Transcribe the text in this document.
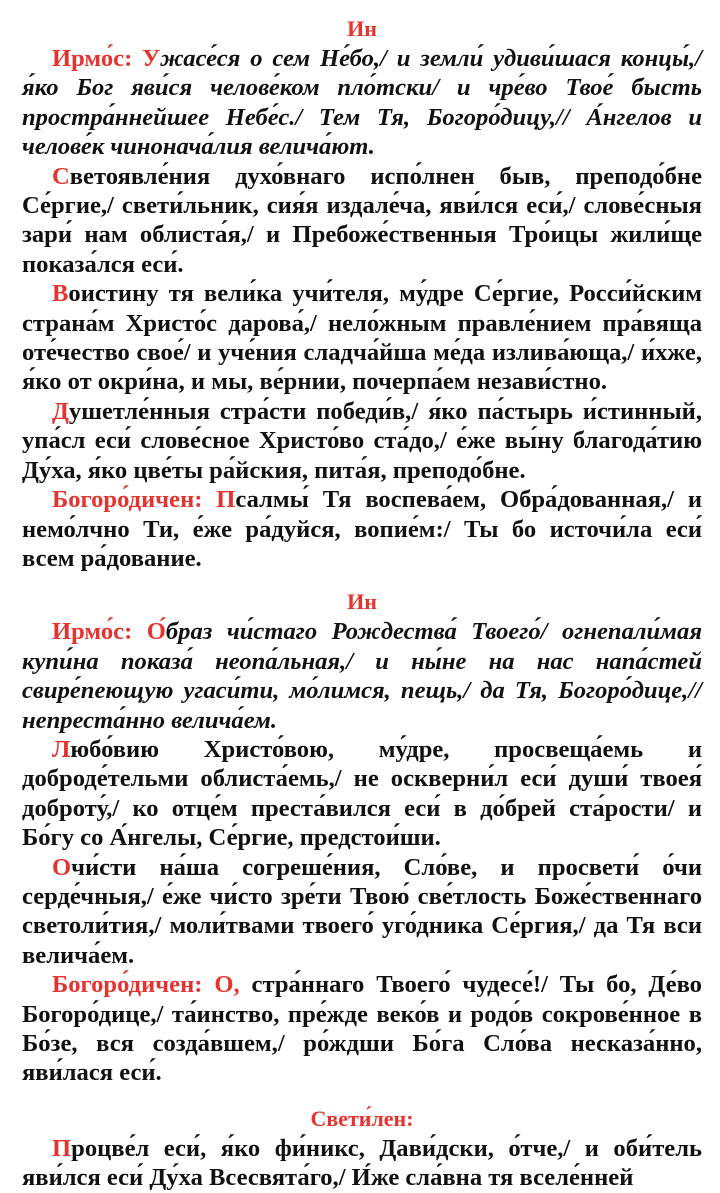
Ин

Ирмо́с: Ужасе́ся о сем Не́бо,/ и земли́ удиви́шася концы́,/ я́ко Бог яви́ся челове́ком пло́тски/ и чре́во Твое́ бысть простра́ннейшее Небе́с./ Тем Тя, Богоро́дицу,// А́нгелов и челове́к чинонача́лия велича́ют.

Светоявле́ния духо́внаго испо́лнен быв, преподо́бне Се́ргие,/ свети́льник, сия́я издале́ча, яви́лся еси́,/ слове́сныя зари́ нам облиста́я,/ и Пребоже́ственныя Тро́ицы жили́ще показа́лся еси́.

Воистину тя вели́ка учи́теля, му́дре Се́ргие, Росси́йским страна́м Христо́с дарова́,/ нело́жным правле́нием пра́вяща оте́чество свое́/ и уче́ния сладча́йша ме́да излива́юща,/ и́хже, я́ко от окри́на, и мы, ве́рнии, почерпа́ем незави́стно.

Душетле́нныя стра́сти победи́в,/ я́ко па́стырь и́стинный, упа́сл еси́ слове́сное Христо́во ста́до,/ е́же вы́ну благода́тию Ду́ха, я́ко цве́ты ра́йския, пита́я, преподо́бне.

Богоро́дичен: Псалмы́ Тя воспева́ем, Обра́дованная,/ и немо́лчно Ти, е́же ра́дуйся, вопие́м:/ Ты бо источи́ла еси́ всем ра́дование.

Ин

Ирмо́с: О́браз чи́стаго Рождества́ Твоего́/ огнепали́мая купи́на показа́ неопа́льная,/ и ны́не на нас напа́стей свире́пеющую угаси́ти, мо́лимся, пещь,/ да Тя, Богоро́дице,// непреста́нно велича́ем.

Любо́вию Христо́вою, му́дре, просвеща́емь и доброде́тельми облиста́емь,/ не оскверни́л еси́ души́ твоея́ доброту́,/ ко отце́м преста́вился еси́ в до́брей ста́рости/ и Бо́гу со А́нгелы, Се́ргие, предстои́ши.

Очи́сти на́ша согреше́ния, Сло́ве, и просвети́ о́чи серде́чныя,/ е́же чи́сто зре́ти Твою́ све́тлость Боже́ственнаго светоли́тия,/ моли́твами твоего́ уго́дника Се́ргия,/ да Тя вси велича́ем.

Богоро́дичен: О, стра́ннаго Твоего́ чудесе́!/ Ты бо, Де́во Богоро́дице,/ та́инство, пре́жде веко́в и родо́в сокрове́нное в Бо́зе, вся созда́вшем,/ ро́ждши Бо́га Сло́ва несказа́нно, яви́лася еси́.

Свети́лен:

Процве́л еси́, я́ко фи́никс, Дави́дски, о́тче,/ и оби́тель яви́лся еси́ Ду́ха Всесвята́го,/ И́же сла́вна тя вселе́нней
